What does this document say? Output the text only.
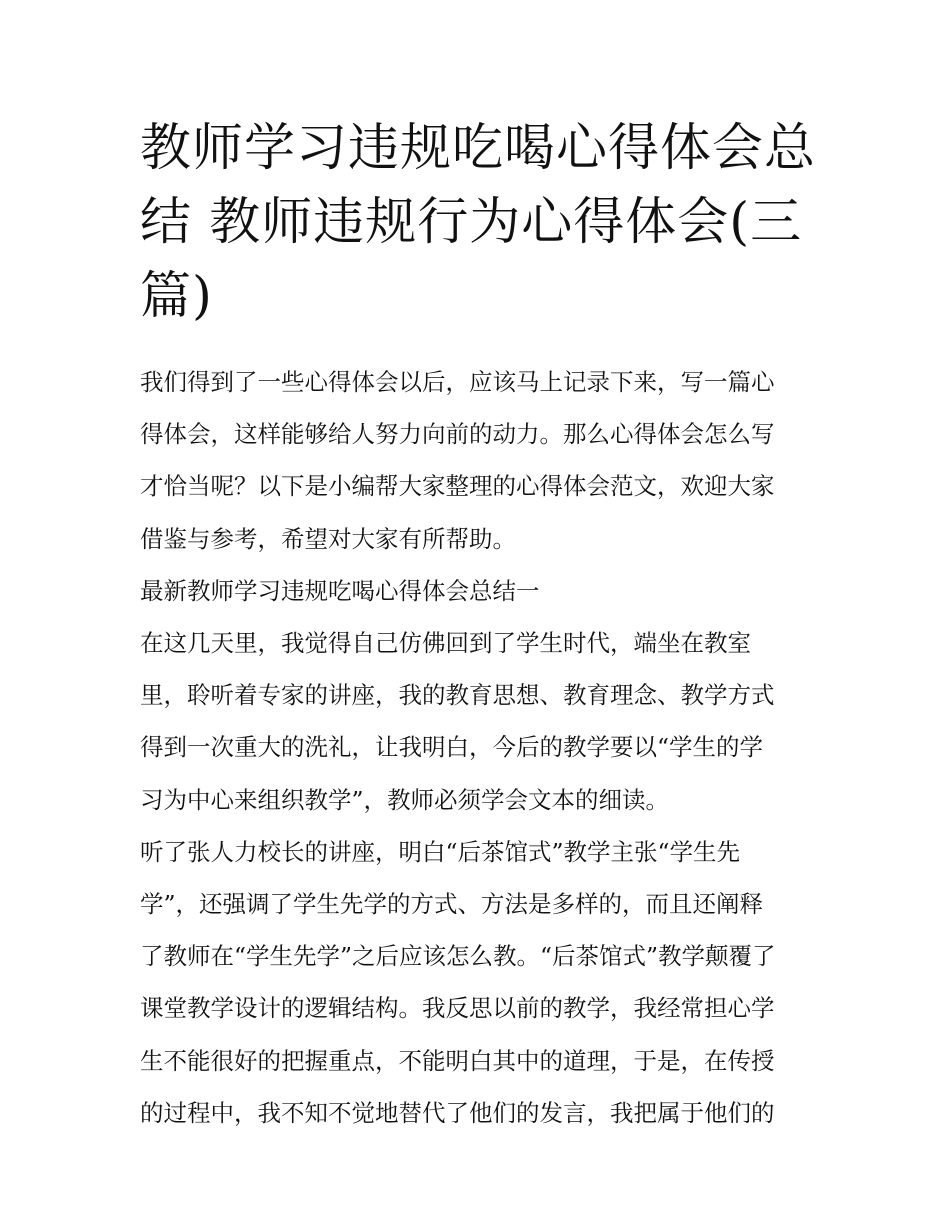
教师学习违规吃喝心得体会总
结 教师违规行为心得体会(三
篇)

我们得到了一些心得体会以后，应该马上记录下来，写一篇心
得体会，这样能够给人努力向前的动力。那么心得体会怎么写
才恰当呢？以下是小编帮大家整理的心得体会范文，欢迎大家
借鉴与参考，希望对大家有所帮助。

最新教师学习违规吃喝心得体会总结一

在这几天里，我觉得自己仿佛回到了学生时代，端坐在教室
里，聆听着专家的讲座，我的教育思想、教育理念、教学方式
得到一次重大的洗礼，让我明白，今后的教学要以“学生的学
习为中心来组织教学”，教师必须学会文本的细读。

听了张人力校长的讲座，明白“后茶馆式”教学主张“学生先
学”，还强调了学生先学的方式、方法是多样的，而且还阐释
了教师在“学生先学”之后应该怎么教。“后茶馆式”教学颠覆了
课堂教学设计的逻辑结构。我反思以前的教学，我经常担心学
生不能很好的把握重点，不能明白其中的道理，于是，在传授
的过程中，我不知不觉地替代了他们的发言，我把属于他们的
